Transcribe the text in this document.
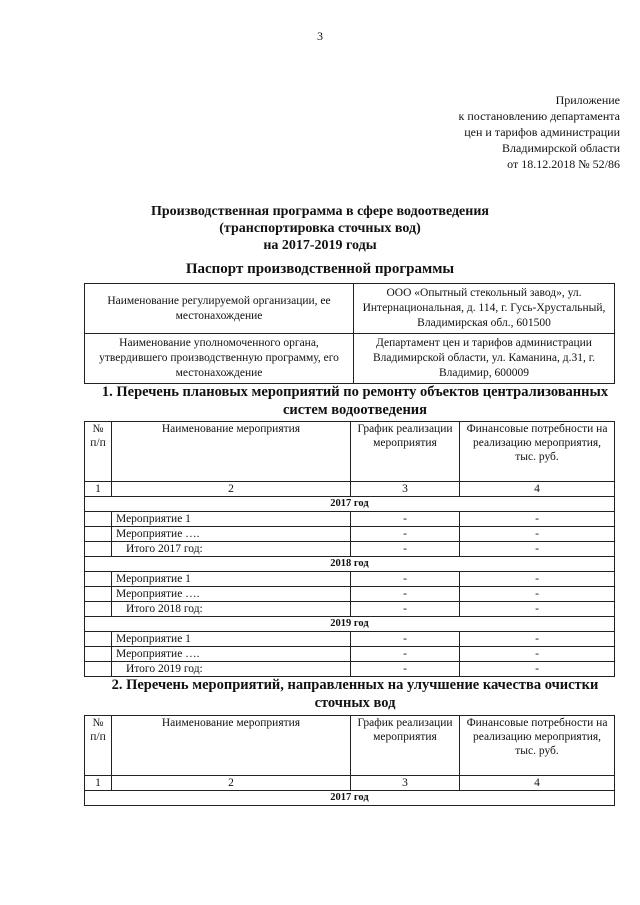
3
Приложение
к постановлению департамента
цен и тарифов администрации
Владимирской области
от 18.12.2018 № 52/86
Производственная программа в сфере водоотведения
(транспортировка сточных вод)
на 2017-2019 годы
Паспорт производственной программы
Наименование регулируемой организации, ее местонахождение	ООО «Опытный стекольный завод», ул. Интернациональная, д. 114, г. Гусь-Хрустальный, Владимирская обл., 601500
Наименование уполномоченного органа, утвердившего производственную программу, его местонахождение	Департамент цен и тарифов администрации Владимирской области, ул. Каманина, д.31, г. Владимир, 600009
1. Перечень плановых мероприятий по ремонту объектов централизованных
систем водоотведения
№ п/п	Наименование мероприятия	График реализации мероприятия	Финансовые потребности на реализацию мероприятия, тыс. руб.
1	2	3	4
2017 год			
	Мероприятие 1	-	-
	Мероприятие ….	-	-
	Итого 2017 год:	-	-
2018 год			
	Мероприятие 1	-	-
	Мероприятие ….	-	-
	Итого 2018 год:	-	-
2019 год			
	Мероприятие 1	-	-
	Мероприятие ….	-	-
	Итого 2019 год:	-	-
2. Перечень мероприятий, направленных на улучшение качества очистки
сточных вод
№ п/п	Наименование мероприятия	График реализации мероприятия	Финансовые потребности на реализацию мероприятия, тыс. руб.
1	2	3	4
2017 год			
